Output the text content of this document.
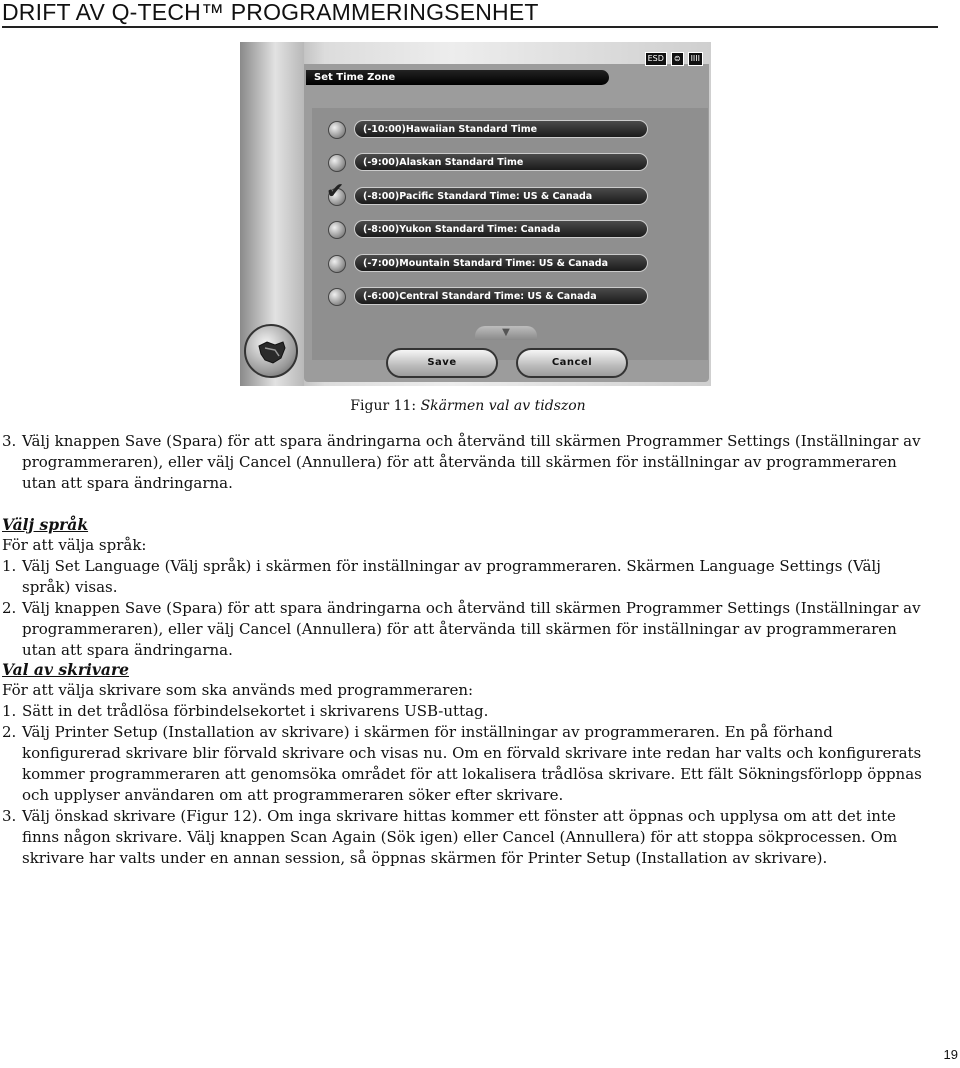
DRIFT AV Q-TECH™ PROGRAMMERINGSENHET
ESD	⊜	IIII
Set Time Zone
(-10:00)Hawaiian Standard Time
(-9:00)Alaskan Standard Time
✔	(-8:00)Pacific Standard Time: US & Canada
(-8:00)Yukon Standard Time: Canada
(-7:00)Mountain Standard Time: US & Canada
(-6:00)Central Standard Time: US & Canada
▼
Save	Cancel
Figur 11: Skärmen val av tidszon
3. Välj knappen Save (Spara) för att spara ändringarna och återvänd till skärmen Programmer Settings (Inställningar av programmeraren), eller välj Cancel (Annullera) för att återvända till skärmen för inställningar av programmeraren utan att spara ändringarna.
Välj språk
För att välja språk:
1. Välj Set Language (Välj språk) i skärmen för inställningar av programmeraren. Skärmen Language Settings (Välj språk) visas.
2. Välj knappen Save (Spara) för att spara ändringarna och återvänd till skärmen Programmer Settings (Inställningar av programmeraren), eller välj Cancel (Annullera) för att återvända till skärmen för inställningar av programmeraren utan att spara ändringarna.
Val av skrivare
För att välja skrivare som ska används med programmeraren:
1. Sätt in det trådlösa förbindelsekortet i skrivarens USB-uttag.
2. Välj Printer Setup (Installation av skrivare) i skärmen för inställningar av programmeraren. En på förhand konfigurerad skrivare blir förvald skrivare och visas nu. Om en förvald skrivare inte redan har valts och konfigurerats kommer programmeraren att genomsöka området för att lokalisera trådlösa skrivare. Ett fält Sökningsförlopp öppnas och upplyser användaren om att programmeraren söker efter skrivare.
3. Välj önskad skrivare (Figur 12). Om inga skrivare hittas kommer ett fönster att öppnas och upplysa om att det inte finns någon skrivare. Välj knappen Scan Again (Sök igen) eller Cancel (Annullera) för att stoppa sökprocessen. Om skrivare har valts under en annan session, så öppnas skärmen för Printer Setup (Installation av skrivare).
19
